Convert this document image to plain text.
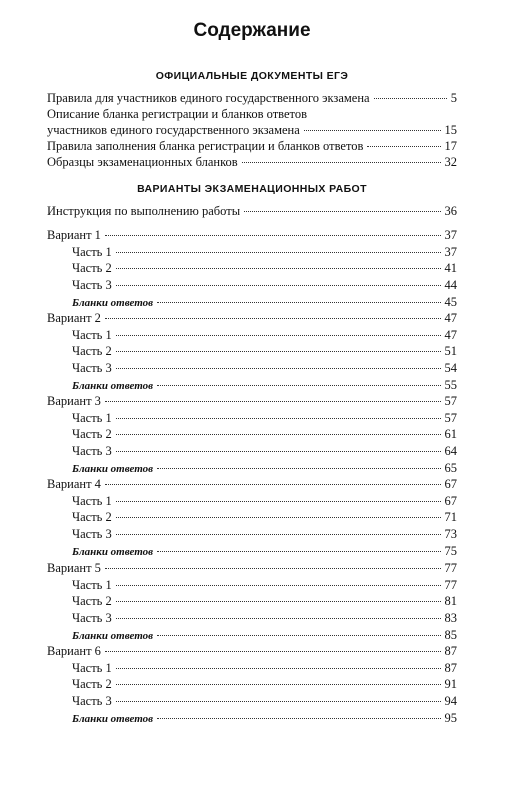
Содержание
ОФИЦИАЛЬНЫЕ ДОКУМЕНТЫ ЕГЭ
Правила для участников единого государственного экзамена	5
Описание бланка регистрации и бланков ответов
участников единого государственного экзамена	15
Правила заполнения бланка регистрации и бланков ответов	17
Образцы экзаменационных бланков	32
ВАРИАНТЫ ЭКЗАМЕНАЦИОННЫХ РАБОТ
Инструкция по выполнению работы	36
Вариант 1	37
Часть 1	37
Часть 2	41
Часть 3	44
Бланки ответов	45
Вариант 2	47
Часть 1	47
Часть 2	51
Часть 3	54
Бланки ответов	55
Вариант 3	57
Часть 1	57
Часть 2	61
Часть 3	64
Бланки ответов	65
Вариант 4	67
Часть 1	67
Часть 2	71
Часть 3	73
Бланки ответов	75
Вариант 5	77
Часть 1	77
Часть 2	81
Часть 3	83
Бланки ответов	85
Вариант 6	87
Часть 1	87
Часть 2	91
Часть 3	94
Бланки ответов	95
